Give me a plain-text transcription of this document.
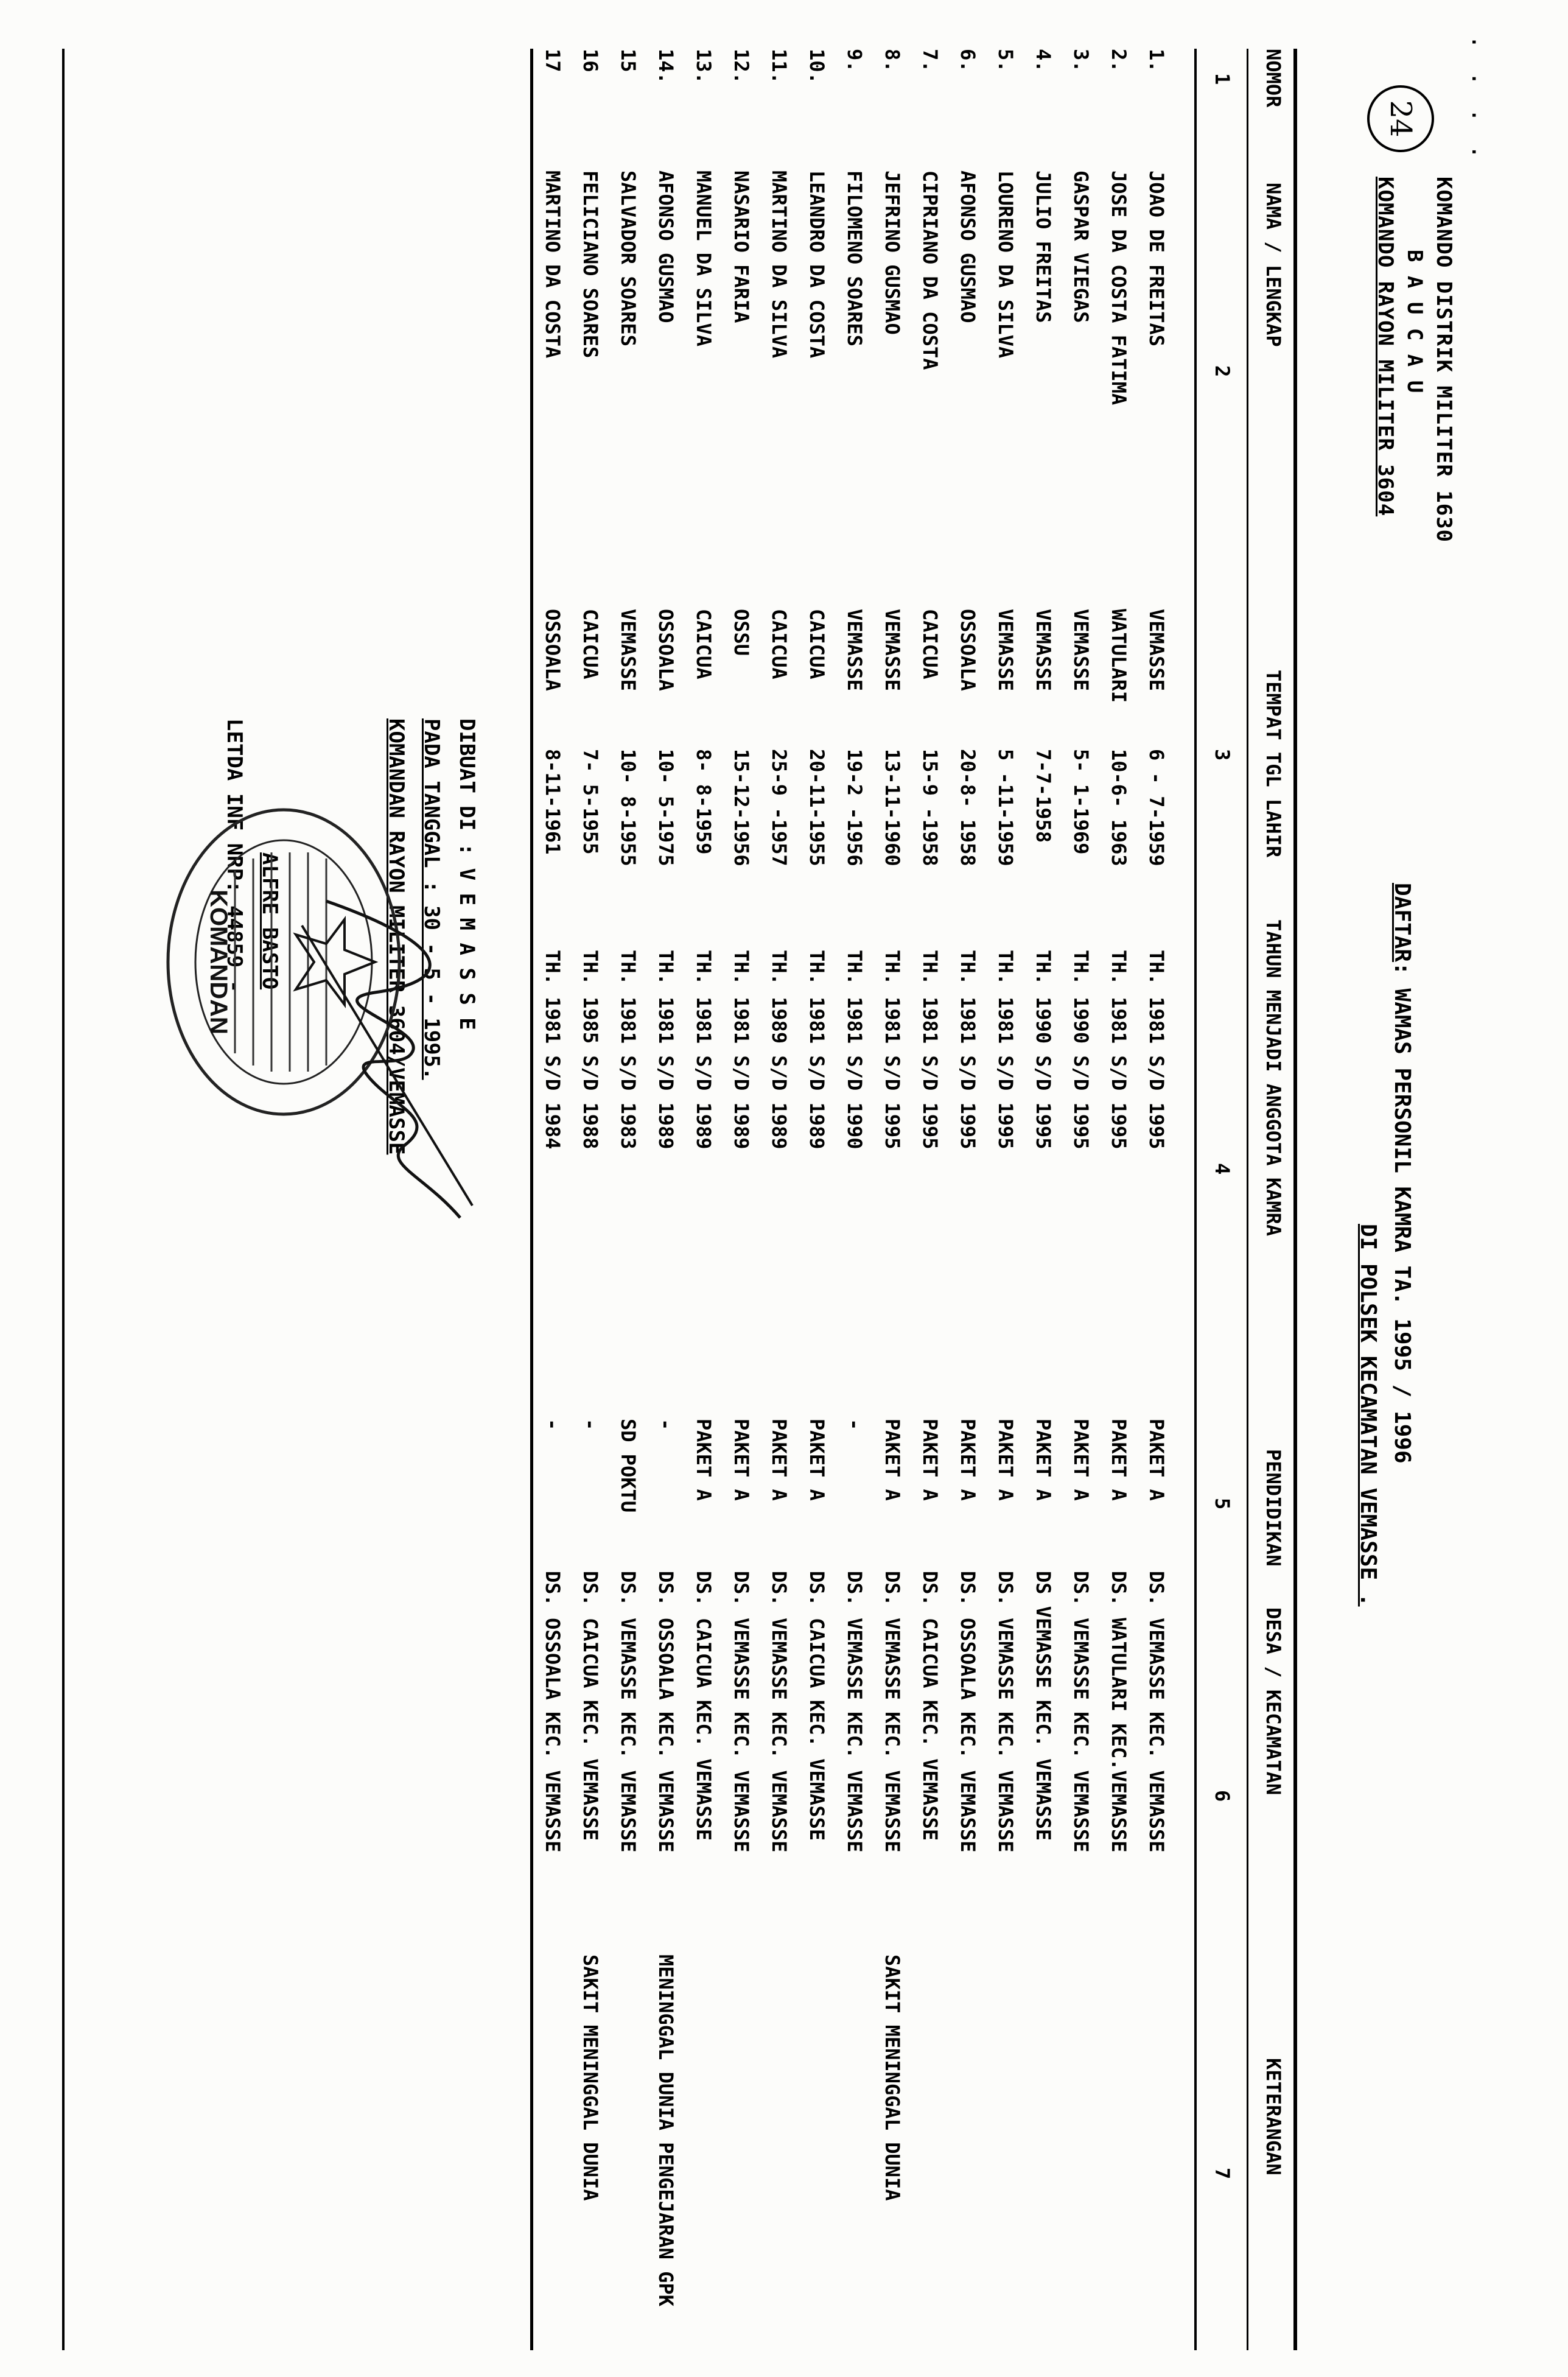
. . . .
24
KOMANDO DISTRIK MILITER 1630
B A U C A U
KOMANDO RAYON MILITER 3604
DAFTAR: WAMAS PERSONIL KAMRA TA. 1995 / 1996
DI POLSEK KECAMATAN VEMASSE .
NOMOR
NAMA / LENGKAP
TEMPAT TGL LAHIR
TAHUN MENJADI ANGGOTA KAMRA
PENDIDIKAN
DESA / KECAMATAN
KETERANGAN
1
2
3
4
5
6
7
1.
JOAO DE FREITAS
VEMASSE
6 - 7-1959
TH. 1981 S/D 1995
PAKET A
DS. VEMASSE KEC. VEMASSE
2.
JOSE DA COSTA FATIMA
WATULARI
10-6- 1963
TH. 1981 S/D 1995
PAKET A
DS. WATULARI KEC.VEMASSE
3.
GASPAR VIEGAS
VEMASSE
5- 1-1969
TH. 1990 S/D 1995
PAKET A
DS. VEMASSE KEC. VEMASSE
4.
JULIO FREITAS
VEMASSE
7-7-1958
TH. 1990 S/D 1995
PAKET A
DS VEMASSE KEC. VEMASSE
5.
LOURENO DA SILVA
VEMASSE
5 -11-1959
TH. 1981 S/D 1995
PAKET A
DS. VEMASSE KEC. VEMASSE
6.
AFONSO GUSMAO
OSSOALA
20-8- 1958
TH. 1981 S/D 1995
PAKET A
DS. OSSOALA KEC. VEMASSE
7.
CIPRIANO DA COSTA
CAICUA
15-9 -1958
TH. 1981 S/D 1995
PAKET A
DS. CAICUA KEC. VEMASSE
8.
JEFRINO GUSMAO
VEMASSE
13-11-1960
TH. 1981 S/D 1995
PAKET A
DS. VEMASSE KEC. VEMASSE
SAKIT MENINGGAL DUNIA
9.
FILOMENO SOARES
VEMASSE
19-2 -1956
TH. 1981 S/D 1990
-
DS. VEMASSE KEC. VEMASSE
10.
LEANDRO DA COSTA
CAICUA
20-11-1955
TH. 1981 S/D 1989
PAKET A
DS. CAICUA KEC. VEMASSE
11.
MARTINO DA SILVA
CAICUA
25-9 -1957
TH. 1989 S/D 1989
PAKET A
DS. VEMASSE KEC. VEMASSE
12.
NASARIO FARIA
OSSU
15-12-1956
TH. 1981 S/D 1989
PAKET A
DS. VEMASSE KEC. VEMASSE
13.
MANUEL DA SILVA
CAICUA
8- 8-1959
TH. 1981 S/D 1989
PAKET A
DS. CAICUA KEC. VEMASSE
14.
AFONSO GUSMAO
OSSOALA
10- 5-1975
TH. 1981 S/D 1989
-
DS. OSSOALA KEC. VEMASSE
MENINGGAL DUNIA PENGEJARAN GPK
15
SALVADOR SOARES
VEMASSE
10- 8-1955
TH. 1981 S/D 1983
SD POKTU
DS. VEMASSE KEC. VEMASSE
16
FELICIANO SOARES
CAICUA
7- 5-1955
TH. 1985 S/D 1988
-
DS. CAICUA KEC. VEMASSE
SAKIT MENINGGAL DUNIA
17
MARTINO DA COSTA
OSSOALA
8-11-1961
TH. 1981 S/D 1984
-
DS. OSSOALA KEC. VEMASSE
DIBUAT DI : V E M A S S E
PADA TANGGAL : 30 - 5 - 1995.
KOMANDAN RAYON MILITER 3604/VEMASSE
ALFRE BASTO
LETDA INF NRP: 44859 -
KOMANDAN
